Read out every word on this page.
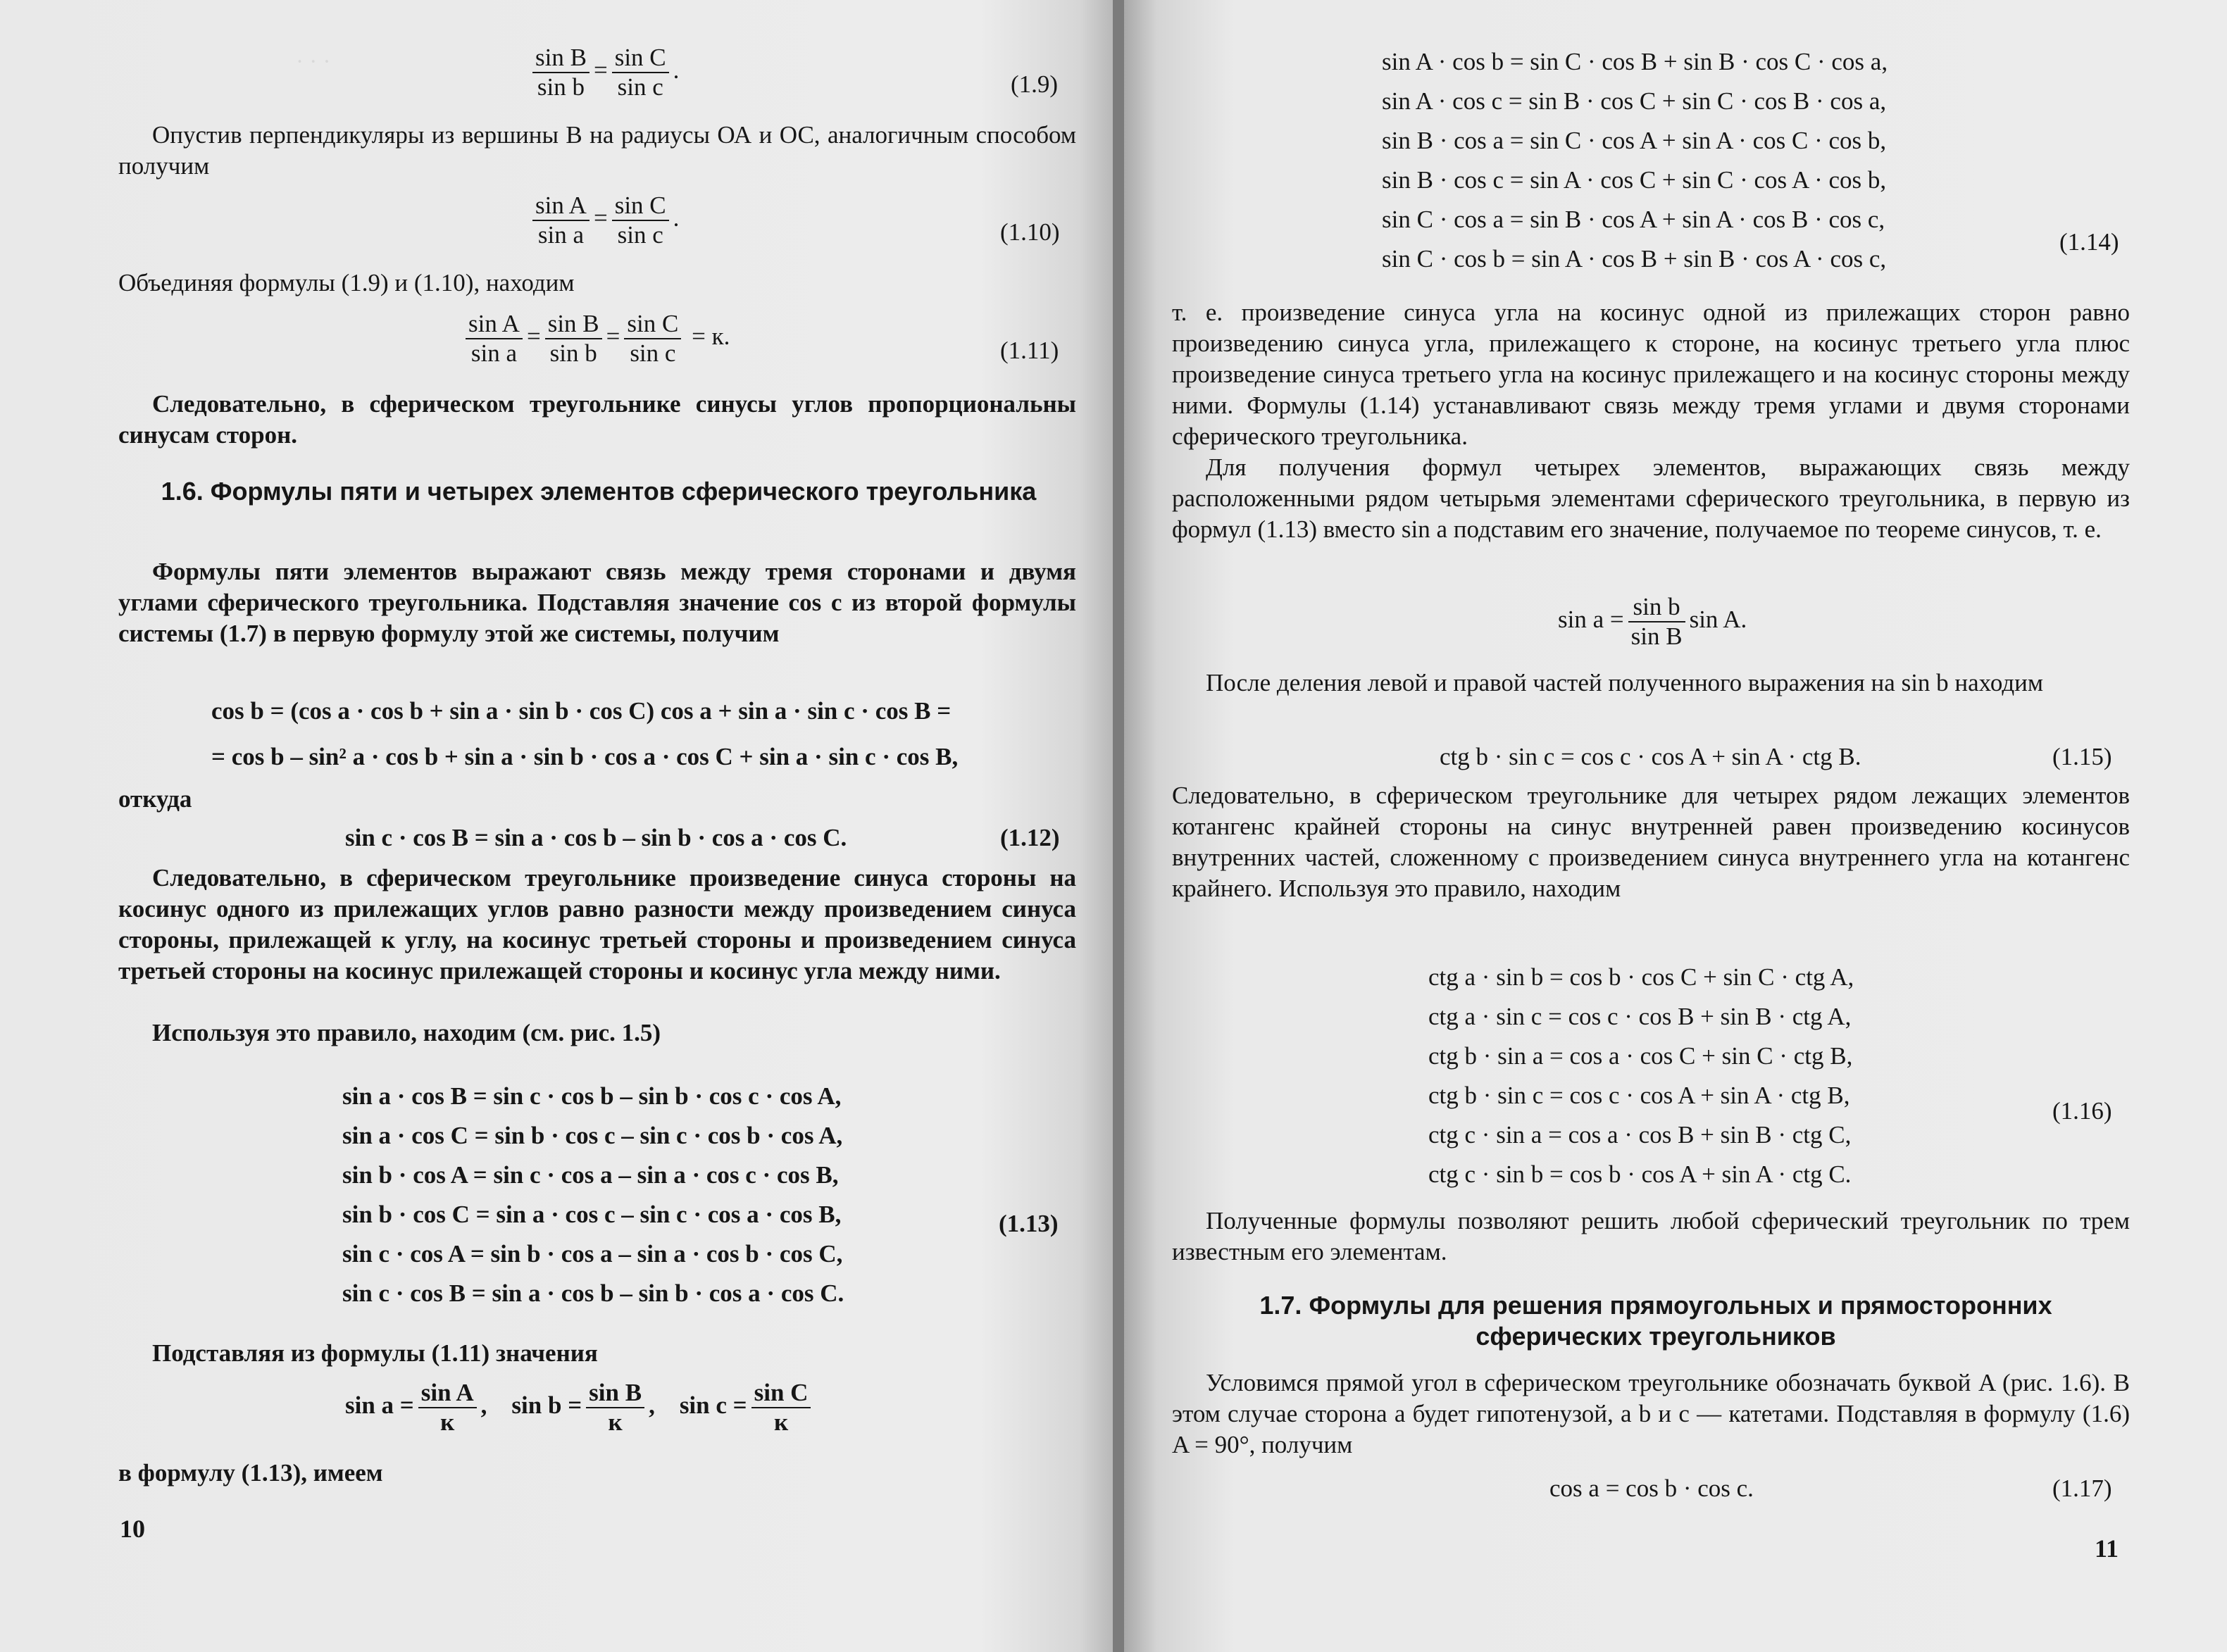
· · ·	$\frac{\text{sin B}}{\text{sin b}} = \frac{\text{sin C}}{\text{sin c}}$ .
(1.9)
Опустив перпендикуляры из вершины B на радиусы ОА и ОС, аналогичным способом получим
$\frac{\text{sin A}}{\text{sin a}} = \frac{\text{sin C}}{\text{sin c}}$ .
(1.10)
Объединяя формулы (1.9) и (1.10), находим
$\frac{\text{sin A}}{\text{sin a}} = \frac{\text{sin B}}{\text{sin b}} = \frac{\text{sin C}}{\text{sin c}} = к$.
(1.11)
Следовательно, в сферическом треугольнике синусы углов пропорциональны синусам сторон.
1.6. Формулы пяти и четырех элементов сферического треугольника
Формулы пяти элементов выражают связь между тремя сторонами и двумя углами сферического треугольника. Подставляя значение cos c из второй формулы системы (1.7) в первую формулу этой же системы, получим
cos b = (cos a · cos b + sin a · sin b · cos C) cos a + sin a · sin c · cos B =
= cos b – sin² a · cos b + sin a · sin b · cos a · cos C + sin a · sin c · cos B,
откуда
sin c · cos B = sin a · cos b – sin b · cos a · cos C.	(1.12)
Следовательно, в сферическом треугольнике произведение синуса стороны на косинус одного из прилежащих углов равно разности между произведением синуса стороны, прилежащей к углу, на косинус третьей стороны и произведением синуса третьей стороны на косинус прилежащей стороны и косинус угла между ними.
Используя это правило, находим (см. рис. 1.5)
sin a · cos B = sin c · cos b – sin b · cos c · cos A,
sin a · cos C = sin b · cos c – sin c · cos b · cos A,
sin b · cos A = sin c · cos a – sin a · cos c · cos B,
sin b · cos C = sin a · cos c – sin c · cos a · cos B,
sin c · cos A = sin b · cos a – sin a · cos b · cos C,
sin c · cos B = sin a · cos b – sin b · cos a · cos C.
(1.13)
Подставляя из формулы (1.11) значения
$\sin a = \frac{\text{sin A}}{к}$ ,    $\sin b = \frac{\text{sin B}}{к}$ ,    $\sin c = \frac{\text{sin C}}{к}$
в формулу (1.13), имеем
10
sin A · cos b = sin C · cos B + sin B · cos C · cos a,
sin A · cos c = sin B · cos C + sin C · cos B · cos a,
sin B · cos a = sin C · cos A + sin A · cos C · cos b,
sin B · cos c = sin A · cos C + sin C · cos A · cos b,
sin C · cos a = sin B · cos A + sin A · cos B · cos c,
sin C · cos b = sin A · cos B + sin B · cos A · cos c,
(1.14)
т. е. произведение синуса угла на косинус одной из прилежащих сторон равно произведению синуса угла, прилежащего к стороне, на косинус третьего угла плюс произведение синуса третьего угла на косинус прилежащего и на косинус стороны между ними. Формулы (1.14) устанавливают связь между тремя углами и двумя сторонами сферического треугольника.
Для получения формул четырех элементов, выражающих связь между расположенными рядом четырьмя элементами сферического треугольника, в первую из формул (1.13) вместо sin a подставим его значение, получаемое по теореме синусов, т. е.
$\sin a = \frac{\text{sin b}}{\text{sin B}}$ sin A.
После деления левой и правой частей полученного выражения на sin b находим
ctg b · sin c = cos c · cos A + sin A · ctg B.	(1.15)
Следовательно, в сферическом треугольнике для четырех рядом лежащих элементов котангенс крайней стороны на синус внутренней равен произведению косинусов внутренних частей, сложенному с произведением синуса внутреннего угла на котангенс крайнего. Используя это правило, находим
ctg a · sin b = cos b · cos C + sin C · ctg A,
ctg a · sin c = cos c · cos B + sin B · ctg A,
ctg b · sin a = cos a · cos C + sin C · ctg B,
ctg b · sin c = cos c · cos A + sin A · ctg B,
ctg c · sin a = cos a · cos B + sin B · ctg C,
ctg c · sin b = cos b · cos A + sin A · ctg C.
(1.16)
Полученные формулы позволяют решить любой сферический треугольник по трем известным его элементам.
1.7. Формулы для решения прямоугольных и прямосторонних сферических треугольников
Условимся прямой угол в сферическом треугольнике обозначать буквой A (рис. 1.6). В этом случае сторона a будет гипотенузой, а b и c — катетами. Подставляя в формулу (1.6) A = 90°, получим
cos a = cos b · cos c.	(1.17)
11
